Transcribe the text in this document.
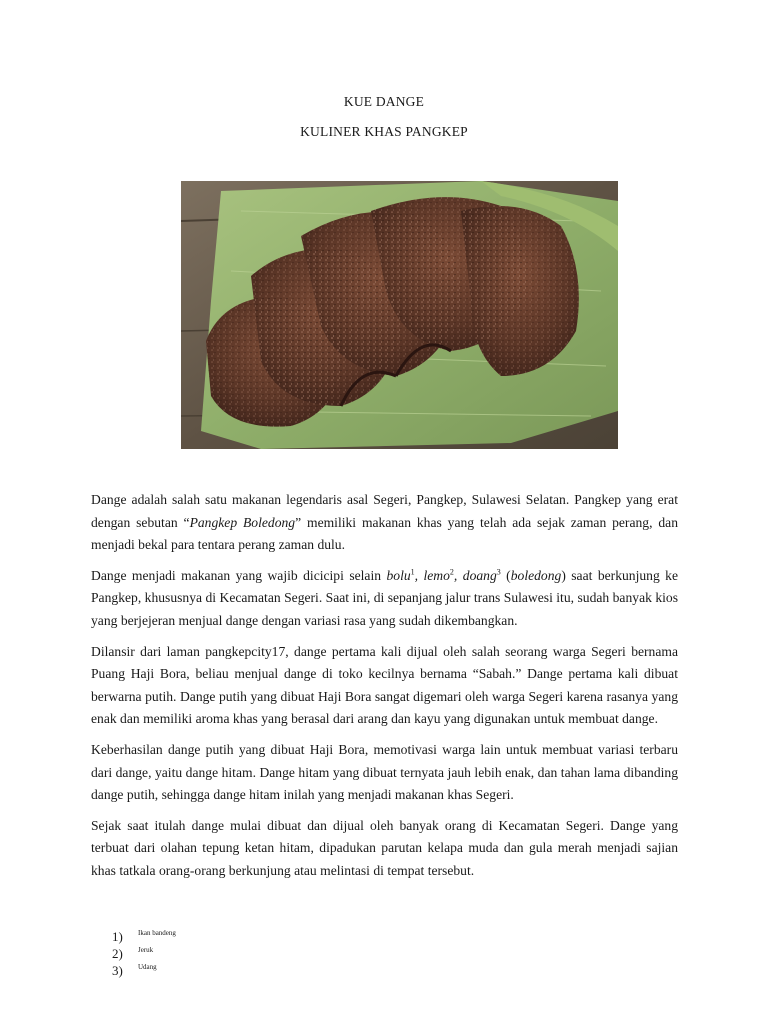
KUE DANGE
KULINER KHAS PANGKEP

Dange adalah salah satu makanan legendaris asal Segeri, Pangkep, Sulawesi Selatan. Pangkep yang erat dengan sebutan “Pangkep Boledong” memiliki makanan khas yang telah ada sejak zaman perang, dan menjadi bekal para tentara perang zaman dulu.

Dange menjadi makanan yang wajib dicicipi selain bolu$^1$, lemo$^2$, doang$^3$ (boledong) saat berkunjung ke Pangkep, khususnya di Kecamatan Segeri. Saat ini, di sepanjang jalur trans Sulawesi itu, sudah banyak kios yang berjejeran menjual dange dengan variasi rasa yang sudah dikembangkan.

Dilansir dari laman pangkepcity17, dange pertama kali dijual oleh salah seorang warga Segeri bernama Puang Haji Bora, beliau menjual dange di toko kecilnya bernama “Sabah.” Dange pertama kali dibuat berwarna putih. Dange putih yang dibuat Haji Bora sangat digemari oleh warga Segeri karena rasanya yang enak dan memiliki aroma khas yang berasal dari arang dan kayu yang digunakan untuk membuat dange.

Keberhasilan dange putih yang dibuat Haji Bora, memotivasi warga lain untuk membuat variasi terbaru dari dange, yaitu dange hitam. Dange hitam yang dibuat ternyata jauh lebih enak, dan tahan lama dibanding dange putih, sehingga dange hitam inilah yang menjadi makanan khas Segeri.

Sejak saat itulah dange mulai dibuat dan dijual oleh banyak orang di Kecamatan Segeri. Dange yang terbuat dari olahan tepung ketan hitam, dipadukan parutan kelapa muda dan gula merah menjadi sajian khas tatkala orang-orang berkunjung atau melintasi di tempat tersebut.

1)	Ikan bandeng
2)	Jeruk
3)	Udang
